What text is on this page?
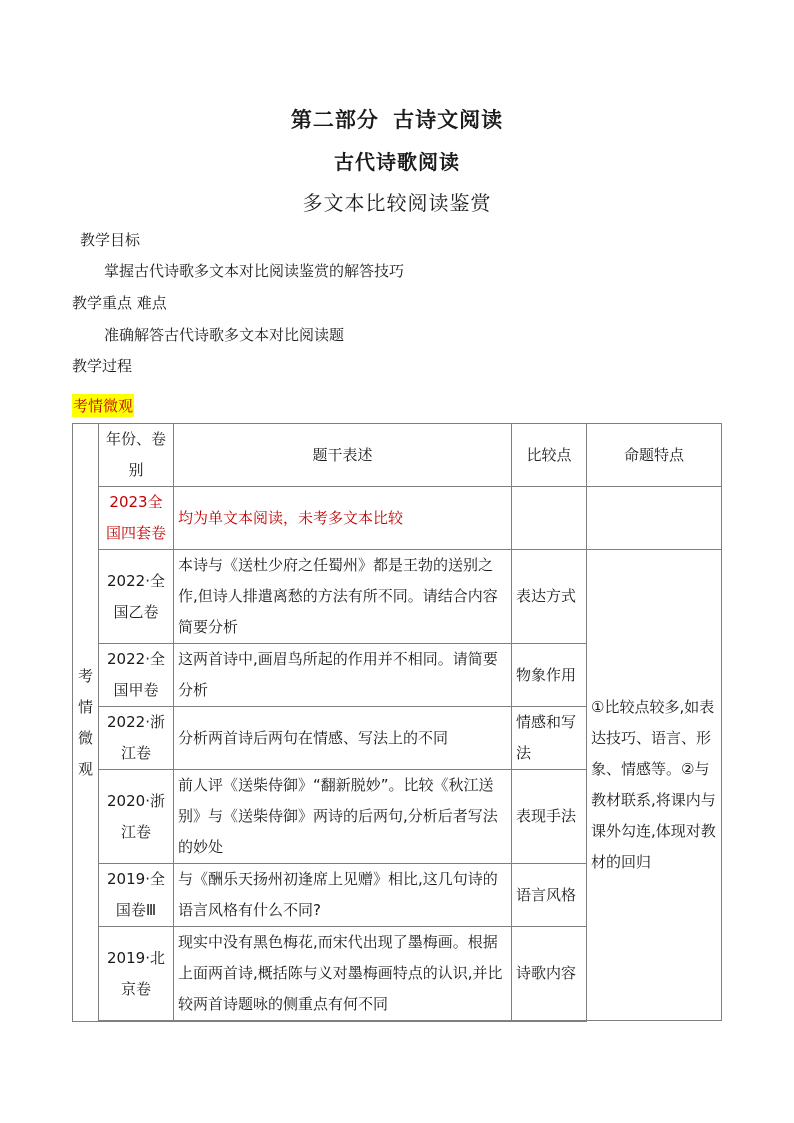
第二部分 古诗文阅读
古代诗歌阅读
多文本比较阅读鉴赏
教学目标
掌握古代诗歌多文本对比阅读鉴赏的解答技巧
教学重点 难点
准确解答古代诗歌多文本对比阅读题
教学过程
考情微观
考情微观	年份、卷别	题干表述	比较点	命题特点
	2023全国四套卷	均为单文本阅读，未考多文本比较		
	2022·全国乙卷	本诗与《送杜少府之任蜀州》都是王勃的送别之作,但诗人排遣离愁的方法有所不同。请结合内容简要分析	表达方式	①比较点较多,如表达技巧、语言、形象、情感等。②与教材联系,将课内与课外勾连,体现对教材的回归
	2022·全国甲卷	这两首诗中,画眉鸟所起的作用并不相同。请简要分析	物象作用	
	2022·浙江卷	分析两首诗后两句在情感、写法上的不同	情感和写法	
	2020·浙江卷	前人评《送柴侍御》“翻新脱妙”。比较《秋江送别》与《送柴侍御》两诗的后两句,分析后者写法的妙处	表现手法	
	2019·全国卷Ⅲ	与《酬乐天扬州初逢席上见赠》相比,这几句诗的语言风格有什么不同?	语言风格	
	2019·北京卷	现实中没有黑色梅花,而宋代出现了墨梅画。根据上面两首诗,概括陈与义对墨梅画特点的认识,并比较两首诗题咏的侧重点有何不同	诗歌内容	
